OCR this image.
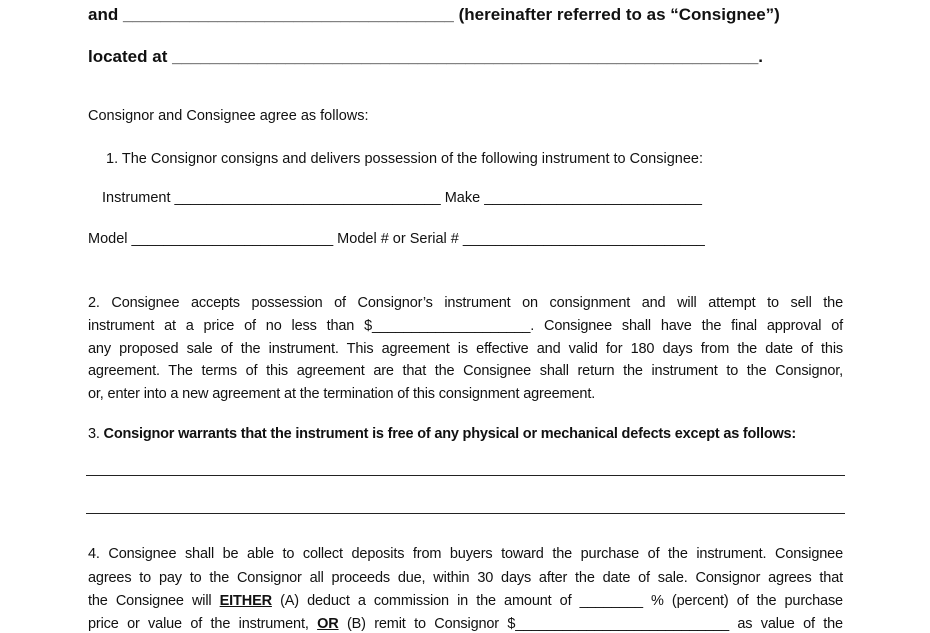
and ___________________________________ (hereinafter referred to as “Consignee”)
located at ______________________________________________________________.
Consignor and Consignee agree as follows:
1. The Consignor consigns and delivers possession of the following instrument to Consignee:
Instrument _________________________________ Make ___________________________
Model _________________________ Model # or Serial # ______________________________
2. Consignee accepts possession of Consignor’s instrument on consignment and will attempt to sell the
instrument at a price of no less than $____________________. Consignee shall have the final approval of
any proposed sale of the instrument. This agreement is effective and valid for 180 days from the date of this
agreement. The terms of this agreement are that the Consignee shall return the instrument to the Consignor,
or, enter into a new agreement at the termination of this consignment agreement.
3. Consignor warrants that the instrument is free of any physical or mechanical defects except as follows:
4. Consignee shall be able to collect deposits from buyers toward the purchase of the instrument. Consignee
agrees to pay to the Consignor all proceeds due, within 30 days after the date of sale. Consignor agrees that
the Consignee will EITHER (A) deduct a commission in the amount of ________ % (percent) of the purchase
price or value of the instrument, OR (B) remit to Consignor $___________________________ as value of the
